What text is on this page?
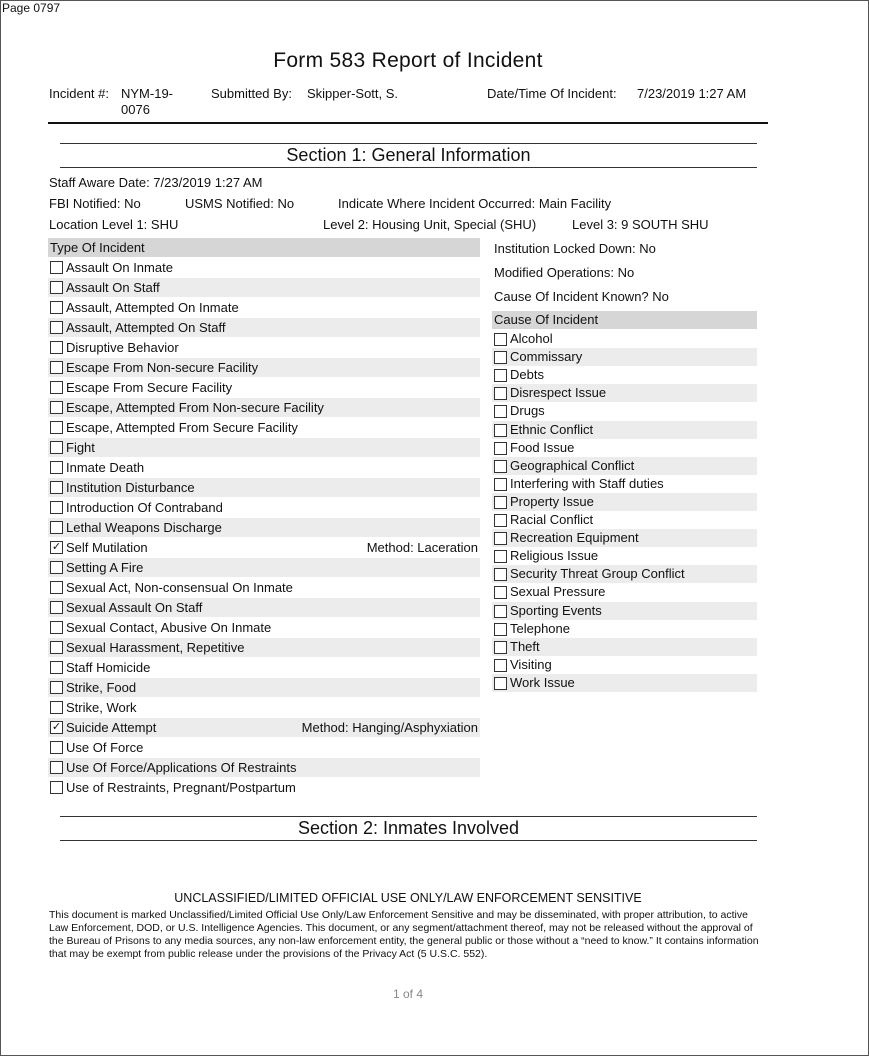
Page 0797
Form 583 Report of Incident
Incident #: NYM-19-
0076
Submitted By: Skipper-Sott, S.	Date/Time Of Incident: 7/23/2019 1:27 AM
Section 1: General Information
Staff Aware Date: 7/23/2019 1:27 AM
FBI Notified: No	USMS Notified: No	Indicate Where Incident Occurred: Main Facility
Location Level 1: SHU	Level 2: Housing Unit, Special (SHU)	Level 3: 9 SOUTH SHU
Type Of Incident
Assault On Inmate
Assault On Staff
Assault, Attempted On Inmate
Assault, Attempted On Staff
Disruptive Behavior
Escape From Non-secure Facility
Escape From Secure Facility
Escape, Attempted From Non-secure Facility
Escape, Attempted From Secure Facility
Fight
Inmate Death
Institution Disturbance
Introduction Of Contraband
Lethal Weapons Discharge
✓ Self Mutilation	Method: Laceration
Setting A Fire
Sexual Act, Non-consensual On Inmate
Sexual Assault On Staff
Sexual Contact, Abusive On Inmate
Sexual Harassment, Repetitive
Staff Homicide
Strike, Food
Strike, Work
✓ Suicide Attempt	Method: Hanging/Asphyxiation
Use Of Force
Use Of Force/Applications Of Restraints
Use of Restraints, Pregnant/Postpartum
Institution Locked Down: No
Modified Operations: No
Cause Of Incident Known? No
Cause Of Incident
Alcohol
Commissary
Debts
Disrespect Issue
Drugs
Ethnic Conflict
Food Issue
Geographical Conflict
Interfering with Staff duties
Property Issue
Racial Conflict
Recreation Equipment
Religious Issue
Security Threat Group Conflict
Sexual Pressure
Sporting Events
Telephone
Theft
Visiting
Work Issue
Section 2: Inmates Involved
UNCLASSIFIED/LIMITED OFFICIAL USE ONLY/LAW ENFORCEMENT SENSITIVE
This document is marked Unclassified/Limited Official Use Only/Law Enforcement Sensitive and may be disseminated, with proper attribution, to active Law Enforcement, DOD, or U.S. Intelligence Agencies. This document, or any segment/attachment thereof, may not be released without the approval of the Bureau of Prisons to any media sources, any non-law enforcement entity, the general public or those without a “need to know.” It contains information that may be exempt from public release under the provisions of the Privacy Act (5 U.S.C. 552).
1 of 4
